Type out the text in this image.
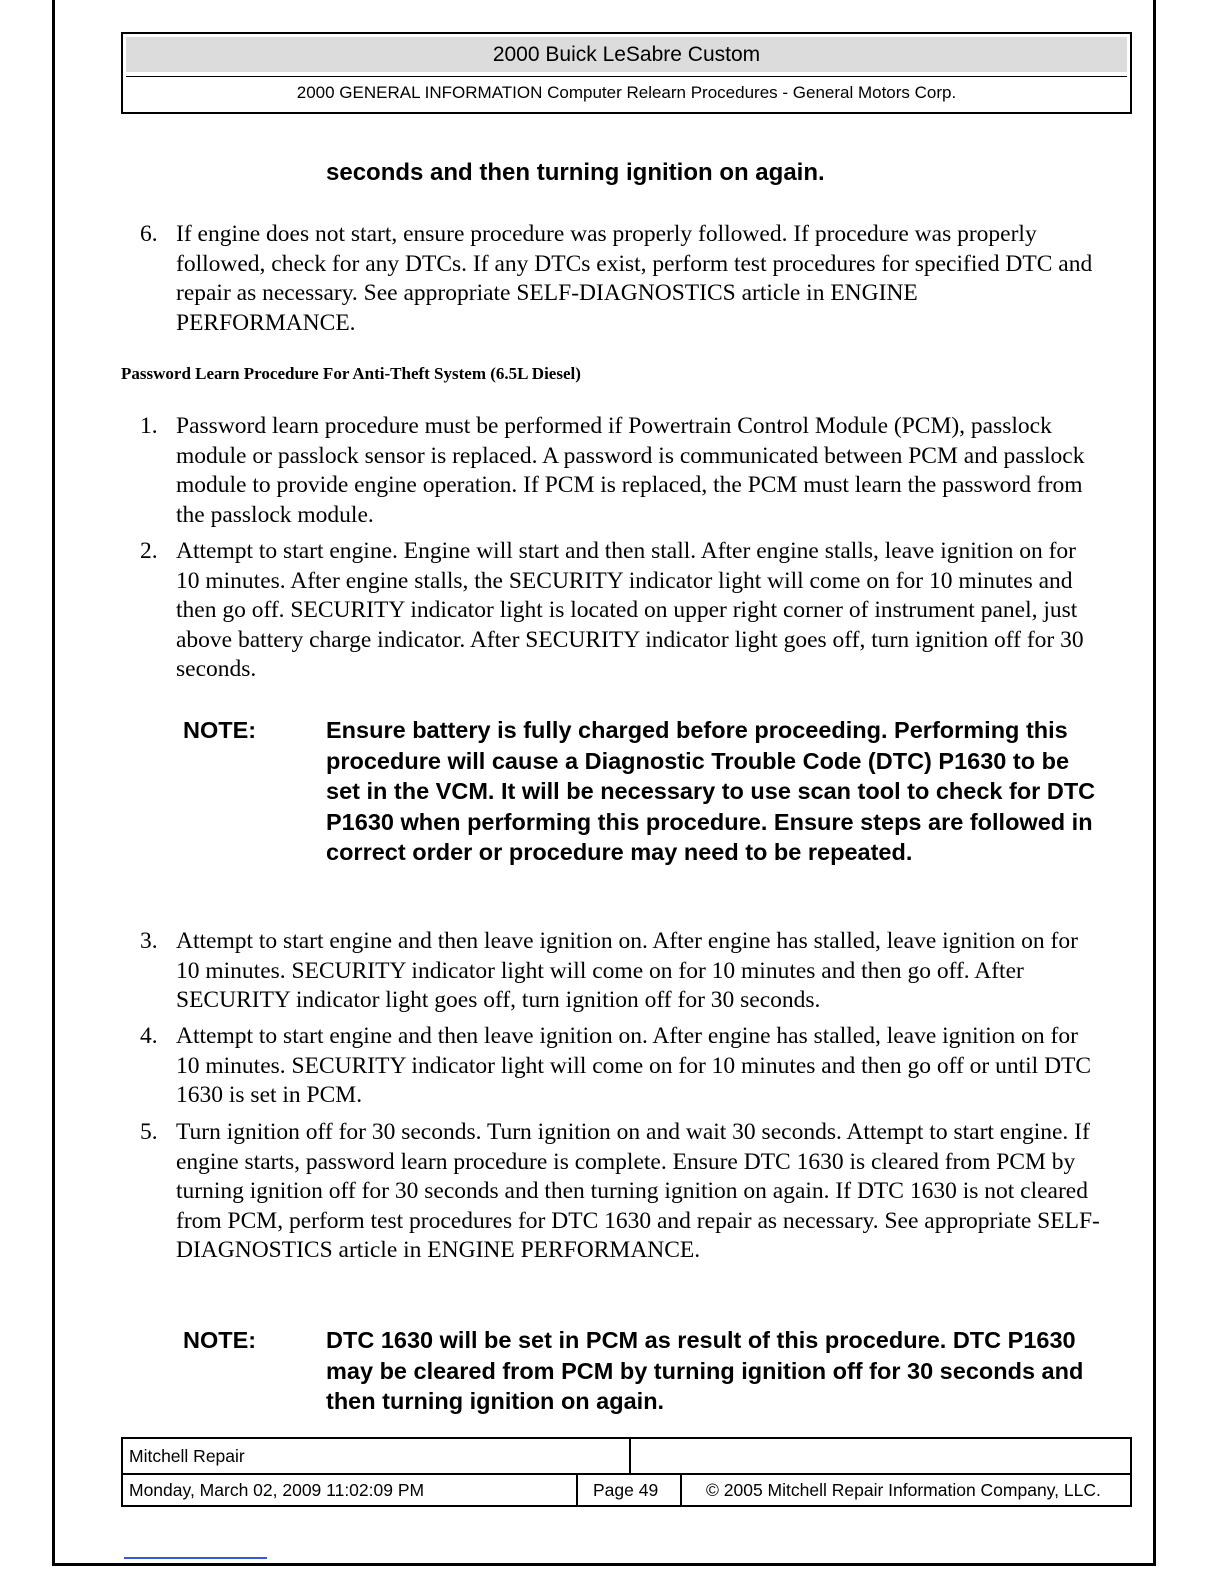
2000 Buick LeSabre Custom
2000 GENERAL INFORMATION Computer Relearn Procedures - General Motors Corp.
seconds and then turning ignition on again.
6. If engine does not start, ensure procedure was properly followed. If procedure was properly followed, check for any DTCs. If any DTCs exist, perform test procedures for specified DTC and repair as necessary. See appropriate SELF-DIAGNOSTICS article in ENGINE PERFORMANCE.
Password Learn Procedure For Anti-Theft System (6.5L Diesel)
1. Password learn procedure must be performed if Powertrain Control Module (PCM), passlock module or passlock sensor is replaced. A password is communicated between PCM and passlock module to provide engine operation. If PCM is replaced, the PCM must learn the password from the passlock module.
2. Attempt to start engine. Engine will start and then stall. After engine stalls, leave ignition on for 10 minutes. After engine stalls, the SECURITY indicator light will come on for 10 minutes and then go off. SECURITY indicator light is located on upper right corner of instrument panel, just above battery charge indicator. After SECURITY indicator light goes off, turn ignition off for 30 seconds.
NOTE:	Ensure battery is fully charged before proceeding. Performing this procedure will cause a Diagnostic Trouble Code (DTC) P1630 to be set in the VCM. It will be necessary to use scan tool to check for DTC P1630 when performing this procedure. Ensure steps are followed in correct order or procedure may need to be repeated.
3. Attempt to start engine and then leave ignition on. After engine has stalled, leave ignition on for 10 minutes. SECURITY indicator light will come on for 10 minutes and then go off. After SECURITY indicator light goes off, turn ignition off for 30 seconds.
4. Attempt to start engine and then leave ignition on. After engine has stalled, leave ignition on for 10 minutes. SECURITY indicator light will come on for 10 minutes and then go off or until DTC 1630 is set in PCM.
5. Turn ignition off for 30 seconds. Turn ignition on and wait 30 seconds. Attempt to start engine. If engine starts, password learn procedure is complete. Ensure DTC 1630 is cleared from PCM by turning ignition off for 30 seconds and then turning ignition on again. If DTC 1630 is not cleared from PCM, perform test procedures for DTC 1630 and repair as necessary. See appropriate SELF-DIAGNOSTICS article in ENGINE PERFORMANCE.
NOTE:	DTC 1630 will be set in PCM as result of this procedure. DTC P1630 may be cleared from PCM by turning ignition off for 30 seconds and then turning ignition on again.
Mitchell Repair
Monday, March 02, 2009 11:02:09 PM	Page 49	© 2005 Mitchell Repair Information Company, LLC.
